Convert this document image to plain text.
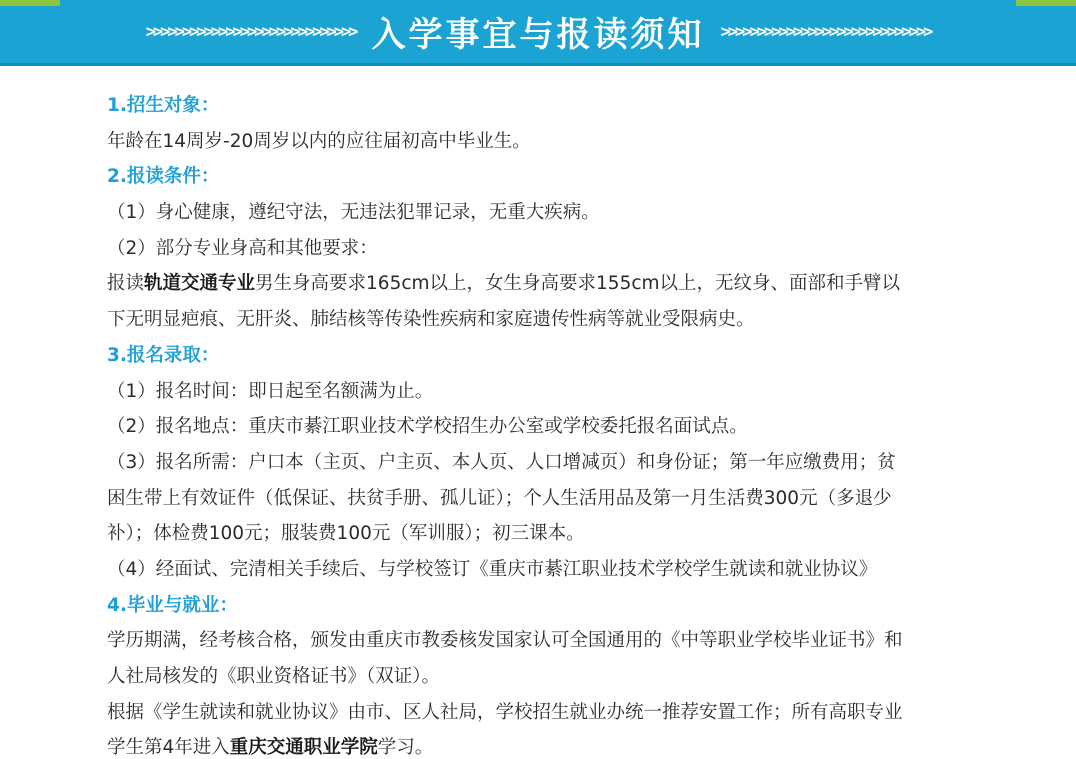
>>>>>>>>>>>>>>>>>>>>>>>>>>>>> 入学事宜与报读须知 >>>>>>>>>>>>>>>>>>>>>>>>>>>>>
1.招生对象：
年龄在14周岁-20周岁以内的应往届初高中毕业生。
2.报读条件：
（1）身心健康，遵纪守法，无违法犯罪记录，无重大疾病。
（2）部分专业身高和其他要求：
报读轨道交通专业男生身高要求165cm以上，女生身高要求155cm以上，无纹身、面部和手臂以
下无明显疤痕、无肝炎、肺结核等传染性疾病和家庭遗传性病等就业受限病史。
3.报名录取：
（1）报名时间：即日起至名额满为止。
（2）报名地点：重庆市綦江职业技术学校招生办公室或学校委托报名面试点。
（3）报名所需：户口本（主页、户主页、本人页、人口增减页）和身份证；第一年应缴费用；贫
困生带上有效证件（低保证、扶贫手册、孤儿证）；个人生活用品及第一月生活费300元（多退少
补）；体检费100元；服装费100元（军训服）；初三课本。
（4）经面试、完清相关手续后、与学校签订《重庆市綦江职业技术学校学生就读和就业协议》
4.毕业与就业：
学历期满，经考核合格，颁发由重庆市教委核发国家认可全国通用的《中等职业学校毕业证书》和
人社局核发的《职业资格证书》（双证）。
根据《学生就读和就业协议》由市、区人社局，学校招生就业办统一推荐安置工作；所有高职专业
学生第4年进入重庆交通职业学院学习。
